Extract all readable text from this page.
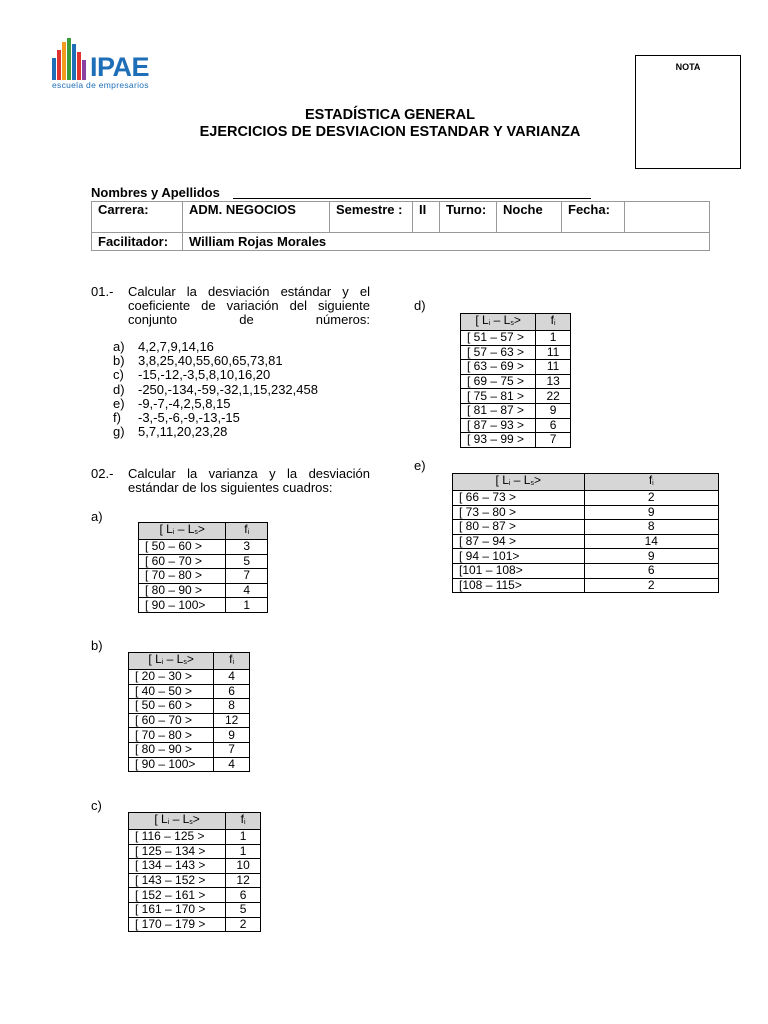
IPAE
escuela de empresarios
NOTA
ESTADÍSTICA GENERAL
EJERCICIOS DE DESVIACION ESTANDAR Y VARIANZA
Nombres y Apellidos
Carrera:	ADM. NEGOCIOS	Semestre :	II	Turno:	Noche	Fecha:	
Facilitador:	William Rojas Morales						
01.- Calcular la desviación estándar y el coeficiente de variación del siguiente conjunto de números:
a)	4,2,7,9,14,16
b)	3,8,25,40,55,60,65,73,81
c)	-15,-12,-3,5,8,10,16,20
d)	-250,-134,-59,-32,1,15,232,458
e)	-9,-7,-4,2,5,8,15
f)	-3,-5,-6,-9,-13,-15
g)	5,7,11,20,23,28
02.- Calcular la varianza y la desviación estándar de los siguientes cuadros:
a)
b)
c)
d)
e)
[ $L_i - L_s>$	$f_i$
[ 50 – 60 >	3
[ 60 – 70 >	5
[ 70 – 80 >	7
[ 80 – 90 >	4
[ 90 – 100>	1
[ $L_i - L_s>$	$f_i$
[ 20 – 30 >	4
[ 40 – 50 >	6
[ 50 – 60 >	8
[ 60 – 70 >	12
[ 70 – 80 >	9
[ 80 – 90 >	7
[ 90 – 100>	4
[ $L_i - L_s>$	$f_i$
[ 116 – 125 >	1
[ 125 – 134 >	1
[ 134 – 143 >	10
[ 143 – 152 >	12
[ 152 – 161 >	6
[ 161 – 170 >	5
[ 170 – 179 >	2
[ $L_i - L_s>$	$f_i$
[ 51 – 57 >	1
[ 57 – 63 >	11
[ 63 – 69 >	11
[ 69 – 75 >	13
[ 75 – 81 >	22
[ 81 – 87 >	9
[ 87 – 93 >	6
[ 93 – 99 >	7
[ $L_i - L_s>$	$f_i$
[ 66 – 73 >	2
[ 73 – 80 >	9
[ 80 – 87 >	8
[ 87 – 94 >	14
[ 94 – 101>	9
[101 – 108>	6
[108 – 115>	2
